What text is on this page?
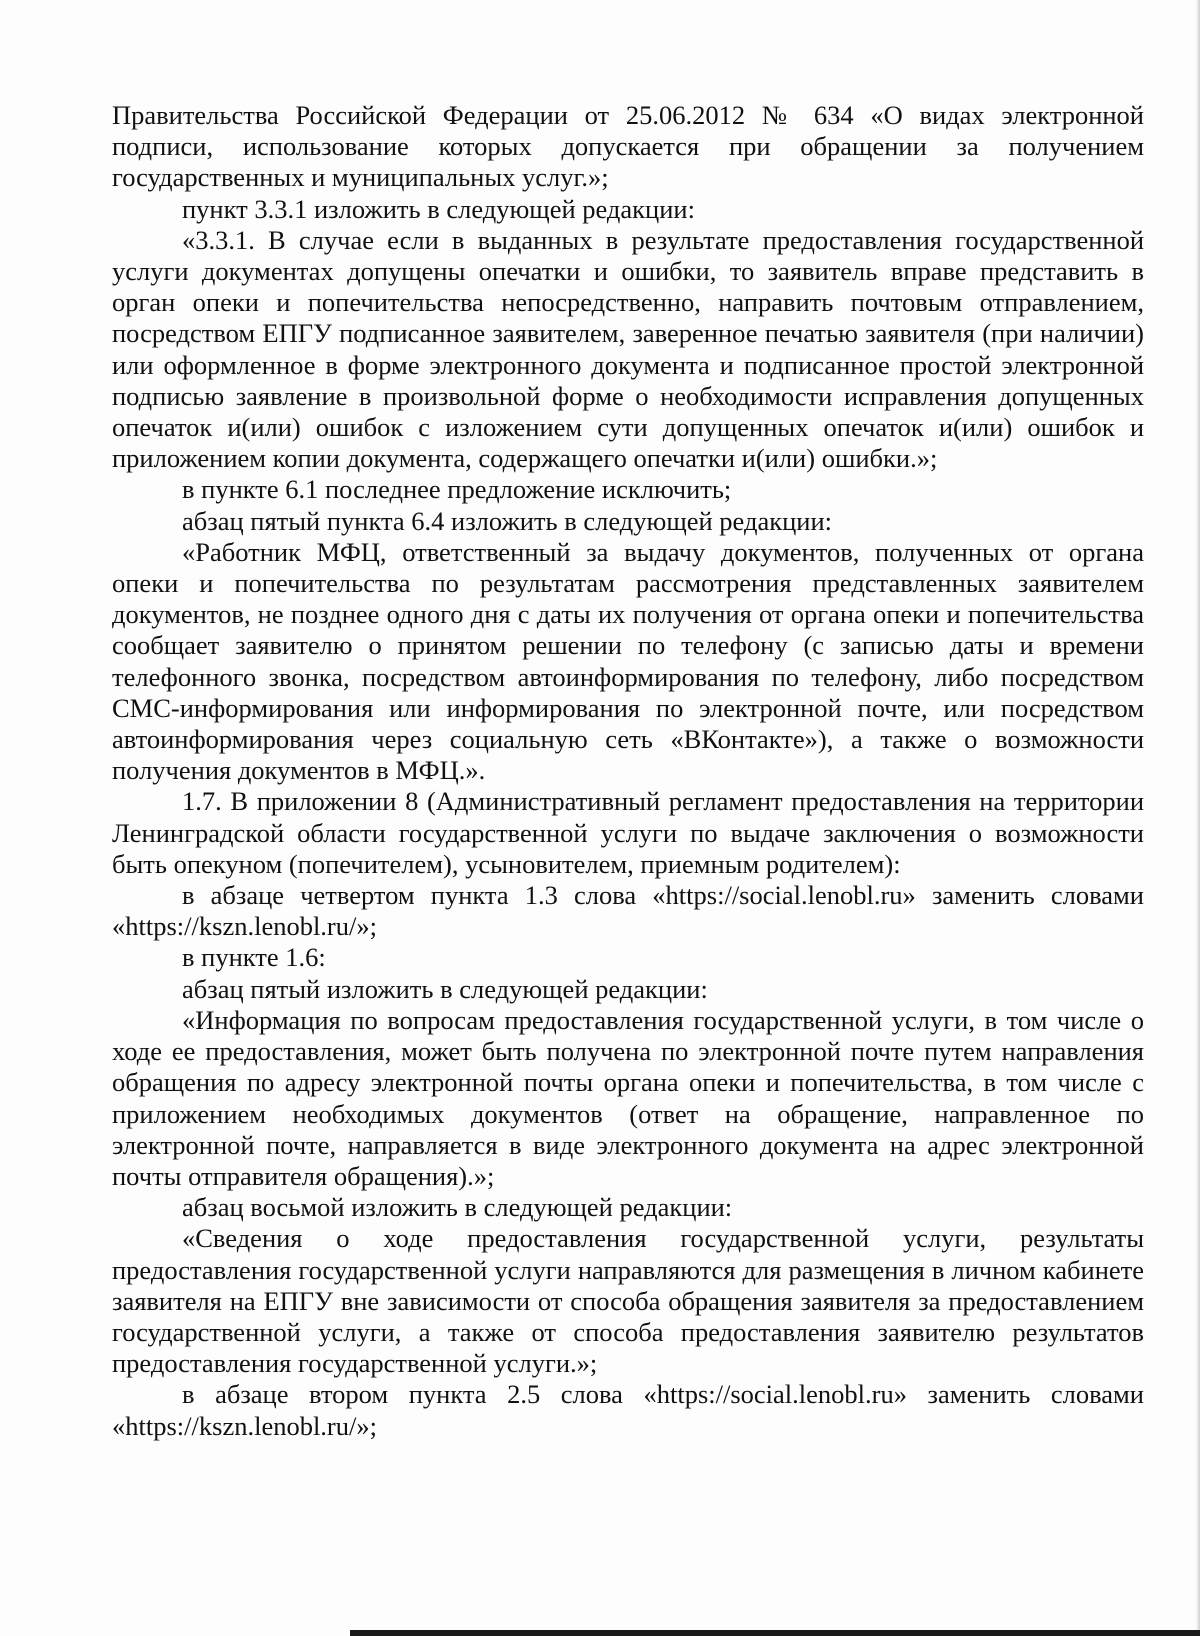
Правительства Российской Федерации от 25.06.2012 № 634 «О видах электронной подписи, использование которых допускается при обращении за получением государственных и муниципальных услуг.»;

пункт 3.3.1 изложить в следующей редакции:

«3.3.1. В случае если в выданных в результате предоставления государственной услуги документах допущены опечатки и ошибки, то заявитель вправе представить в орган опеки и попечительства непосредственно, направить почтовым отправлением, посредством ЕПГУ подписанное заявителем, заверенное печатью заявителя (при наличии) или оформленное в форме электронного документа и подписанное простой электронной подписью заявление в произвольной форме о необходимости исправления допущенных опечаток и(или) ошибок с изложением сути допущенных опечаток и(или) ошибок и приложением копии документа, содержащего опечатки и(или) ошибки.»;

в пункте 6.1 последнее предложение исключить;

абзац пятый пункта 6.4 изложить в следующей редакции:

«Работник МФЦ, ответственный за выдачу документов, полученных от органа опеки и попечительства по результатам рассмотрения представленных заявителем документов, не позднее одного дня с даты их получения от органа опеки и попечительства сообщает заявителю о принятом решении по телефону (с записью даты и времени телефонного звонка, посредством автоинформирования по телефону, либо посредством СМС-информирования или информирования по электронной почте, или посредством автоинформирования через социальную сеть «ВКонтакте»), а также о возможности получения документов в МФЦ.».

1.7. В приложении 8 (Административный регламент предоставления на территории Ленинградской области государственной услуги по выдаче заключения о возможности быть опекуном (попечителем), усыновителем, приемным родителем):

в абзаце четвертом пункта 1.3 слова «https://social.lenobl.ru» заменить словами «https://kszn.lenobl.ru/»;

в пункте 1.6:

абзац пятый изложить в следующей редакции:

«Информация по вопросам предоставления государственной услуги, в том числе о ходе ее предоставления, может быть получена по электронной почте путем направления обращения по адресу электронной почты органа опеки и попечительства, в том числе с приложением необходимых документов (ответ на обращение, направленное по электронной почте, направляется в виде электронного документа на адрес электронной почты отправителя обращения).»;

абзац восьмой изложить в следующей редакции:

«Сведения о ходе предоставления государственной услуги, результаты предоставления государственной услуги направляются для размещения в личном кабинете заявителя на ЕПГУ вне зависимости от способа обращения заявителя за предоставлением государственной услуги, а также от способа предоставления заявителю результатов предоставления государственной услуги.»;

в абзаце втором пункта 2.5 слова «https://social.lenobl.ru» заменить словами «https://kszn.lenobl.ru/»;
